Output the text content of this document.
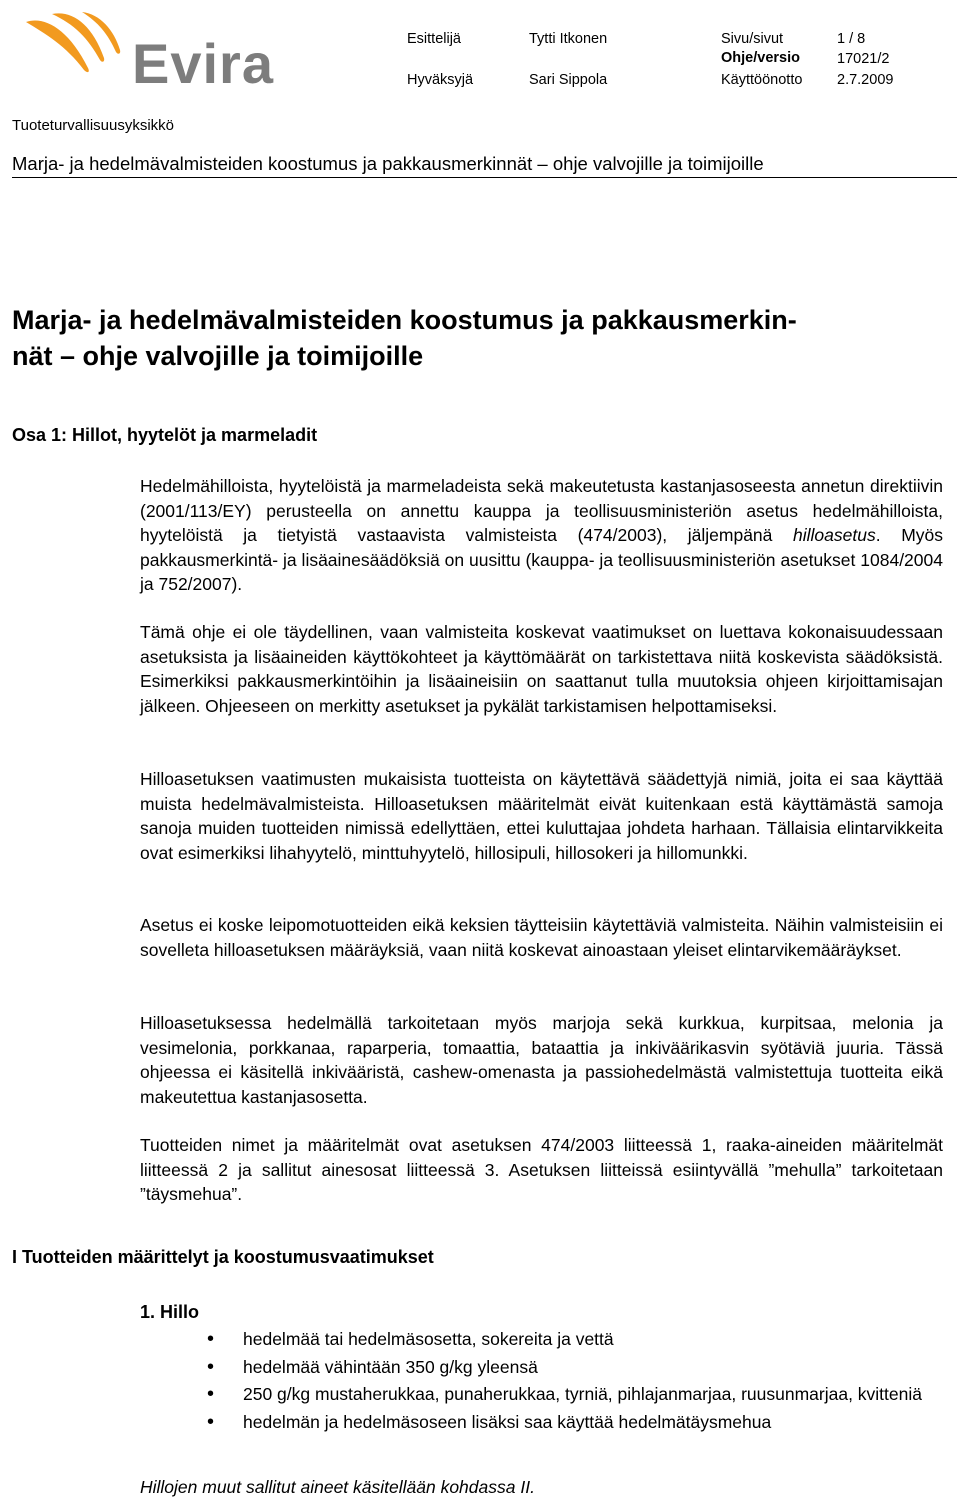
Evira	Esittelijä	Tytti Itkonen	Sivu/sivut	1 / 8
Ohje/versio	17021/2
Hyväksyjä	Sari Sippola	Käyttöönotto 2.7.2009
Tuoteturvallisuusyksikkö
Marja- ja hedelmävalmisteiden koostumus ja pakkausmerkinnät – ohje valvojille ja toimijoille
Marja- ja hedelmävalmisteiden koostumus ja pakkausmerkin-
nät – ohje valvojille ja toimijoille
Osa 1: Hillot, hyytelöt ja marmeladit

Hedelmähilloista, hyytelöistä ja marmeladeista sekä makeutetusta kastanjasoseesta annetun direktiivin (2001/113/EY) perusteella on annettu kauppa ja teollisuusministeriön asetus hedelmähilloista, hyytelöistä ja tietyistä vastaavista valmisteista (474/2003), jäljempänä hilloasetus. Myös pakkausmerkintä- ja lisäainesäädöksiä on uusittu (kauppa- ja teollisuusministeriön asetukset 1084/2004 ja 752/2007).

Tämä ohje ei ole täydellinen, vaan valmisteita koskevat vaatimukset on luettava kokonaisuudessaan asetuksista ja lisäaineiden käyttökohteet ja käyttömäärät on tarkistettava niitä koskevista säädöksistä. Esimerkiksi pakkausmerkintöihin ja lisäaineisiin on saattanut tulla muutoksia ohjeen kirjoittamisajan jälkeen. Ohjeeseen on merkitty asetukset ja pykälät tarkistamisen helpottamiseksi.

Hilloasetuksen vaatimusten mukaisista tuotteista on käytettävä säädettyjä nimiä, joita ei saa käyttää muista hedelmävalmisteista. Hilloasetuksen määritelmät eivät kuitenkaan estä käyttämästä samoja sanoja muiden tuotteiden nimissä edellyttäen, ettei kuluttajaa johdeta harhaan. Tällaisia elintarvikkeita ovat esimerkiksi lihahyytelö, minttuhyytelö, hillosipuli, hillosokeri ja hillomunkki.

Asetus ei koske leipomotuotteiden eikä keksien täytteisiin käytettäviä valmisteita. Näihin valmisteisiin ei sovelleta hilloasetuksen määräyksiä, vaan niitä koskevat ainoastaan yleiset elintarvikemääräykset.

Hilloasetuksessa hedelmällä tarkoitetaan myös marjoja sekä kurkkua, kurpitsaa, melonia ja vesimelonia, porkkanaa, raparperia, tomaattia, bataattia ja inkiväärikasvin syötäviä juuria. Tässä ohjeessa ei käsitellä inkivääristä, cashew-omenasta ja passiohedelmästä valmistettuja tuotteita eikä makeutettua kastanjasosetta.

Tuotteiden nimet ja määritelmät ovat asetuksen 474/2003 liitteessä 1, raaka-aineiden määritelmät liitteessä 2 ja sallitut ainesosat liitteessä 3. Asetuksen liitteissä esiintyvällä ”mehulla” tarkoitetaan ”täysmehua”.

I Tuotteiden määrittelyt ja koostumusvaatimukset
1. Hillo
• hedelmää tai hedelmäsosetta, sokereita ja vettä
• hedelmää vähintään 350 g/kg yleensä
• 250 g/kg mustaherukkaa, punaherukkaa, tyrniä, pihlajanmarjaa, ruusunmarjaa, kvitteniä
• hedelmän ja hedelmäsoseen lisäksi saa käyttää hedelmätäysmehua
Hillojen muut sallitut aineet käsitellään kohdassa II.
